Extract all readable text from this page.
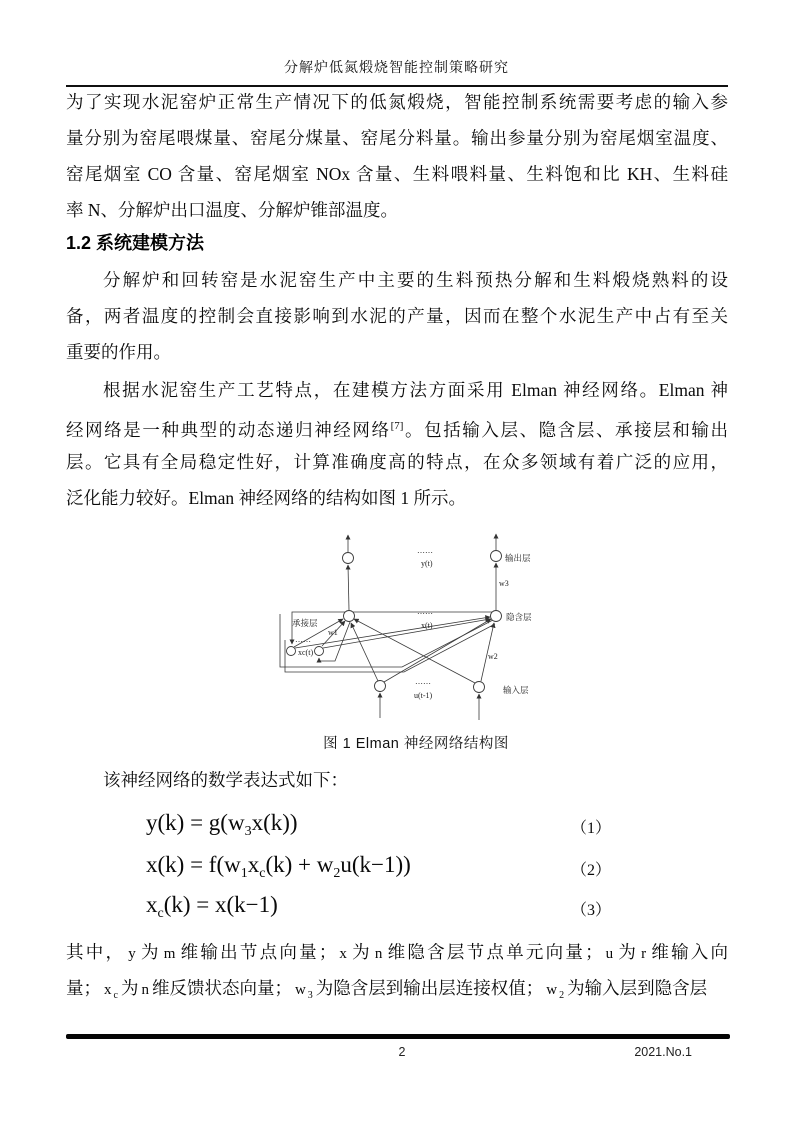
分解炉低氮煅烧智能控制策略研究
为了实现水泥窑炉正常生产情况下的低氮煅烧，智能控制系统需要考虑的输入参
量分别为窑尾喂煤量、窑尾分煤量、窑尾分料量。输出参量分别为窑尾烟室温度、
窑尾烟室 CO 含量、窑尾烟室 NOx 含量、生料喂料量、生料饱和比 KH、生料硅
率 N、分解炉出口温度、分解炉锥部温度。
1.2 系统建模方法
分解炉和回转窑是水泥窑生产中主要的生料预热分解和生料煅烧熟料的设
备，两者温度的控制会直接影响到水泥的产量，因而在整个水泥生产中占有至关
重要的作用。
根据水泥窑生产工艺特点，在建模方法方面采用 Elman 神经网络。Elman 神
经网络是一种典型的动态递归神经网络[7]。包括输入层、隐含层、承接层和输出
层。它具有全局稳定性好，计算准确度高的特点，在众多领域有着广泛的应用，
泛化能力较好。Elman 神经网络的结构如图 1 所示。
……
y(t)
输出层
w3
……
x(t)
隐含层
承接层
……
xc(t)
w1
w2
……
u(t-1)
输入层
图 1 Elman 神经网络结构图
该神经网络的数学表达式如下：
$y(k) = g(w_3x(k))$	（1）
$x(k) = f(w_1x_c(k) + w_2u(k-1))$	（2）
$x_c(k) = x(k-1)$	（3）
其中， y 为 m 维输出节点向量； x 为 n 维隐含层节点单元向量； u 为 r 维输入向
量； x $_c$ 为 n 维反馈状态向量； w $_3$ 为隐含层到输出层连接权值； w $_2$ 为输入层到隐含层
2	2021.No.1
